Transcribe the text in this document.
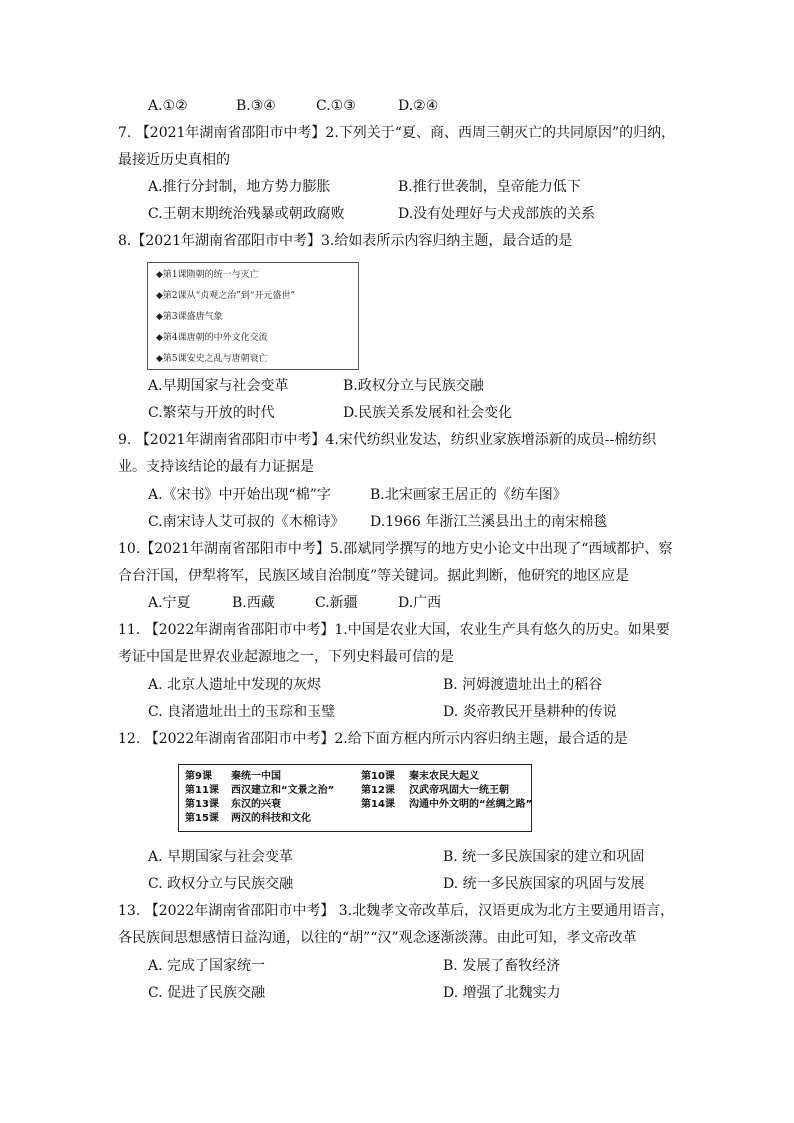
A.①②	B.③④	C.①③	D.②④
7. 【2021年湖南省邵阳市中考】2.下列关于“夏、商、西周三朝灭亡的共同原因”的归纳，
最接近历史真相的
A.推行分封制，地方势力膨胀	B.推行世袭制，皇帝能力低下
C.王朝末期统治残暴或朝政腐败	D.没有处理好与犬戎部族的关系
8.【2021年湖南省邵阳市中考】3.给如表所示内容归纳主题，最合适的是
◆第1课隋朝的统一与灭亡
◆第2课从“贞观之治”到“开元盛世”
◆第3课盛唐气象
◆第4课唐朝的中外文化交流
◆第5课安史之乱与唐朝衰亡
A.早期国家与社会变革	B.政权分立与民族交融
C.繁荣与开放的时代	D.民族关系发展和社会变化
9. 【2021年湖南省邵阳市中考】4.宋代纺织业发达，纺织业家族增添新的成员--棉纺织
业。支持该结论的最有力证据是
A.《宋书》中开始出现“棉”字	B.北宋画家王居正的《纺车图》
C.南宋诗人艾可叔的《木棉诗》 D.1966 年浙江兰溪县出土的南宋棉毯
10.【2021年湖南省邵阳市中考】5.邵斌同学撰写的地方史小论文中出现了“西域都护、察
合台汗国，伊犁将军，民族区域自治制度”等关键词。据此判断，他研究的地区应是
A.宁夏	B.西藏	C.新疆	D.广西
11. 【2022年湖南省邵阳市中考】1.中国是农业大国，农业生产具有悠久的历史。如果要
考证中国是世界农业起源地之一，下列史料最可信的是
A. 北京人遗址中发现的灰烬	B. 河姆渡遗址出土的稻谷
C. 良渚遗址出土的玉琮和玉璧	D. 炎帝教民开垦耕种的传说
12. 【2022年湖南省邵阳市中考】2.给下面方框内所示内容归纳主题，最合适的是
第9课 秦统一中国	第10课 秦末农民大起义
第11课 西汉建立和“文景之治”	第12课 汉武帝巩固大一统王朝
第13课 东汉的兴衰	第14课 沟通中外文明的“丝绸之路”
第15课 两汉的科技和文化
A. 早期国家与社会变革	B. 统一多民族国家的建立和巩固
C. 政权分立与民族交融	D. 统一多民族国家的巩固与发展
13. 【2022年湖南省邵阳市中考】 3.北魏孝文帝改革后，汉语更成为北方主要通用语言，
各民族间思想感情日益沟通，以往的“胡”“汉”观念逐渐淡薄。由此可知，孝文帝改革
A. 完成了国家统一	B. 发展了畜牧经济
C. 促进了民族交融	D. 增强了北魏实力
